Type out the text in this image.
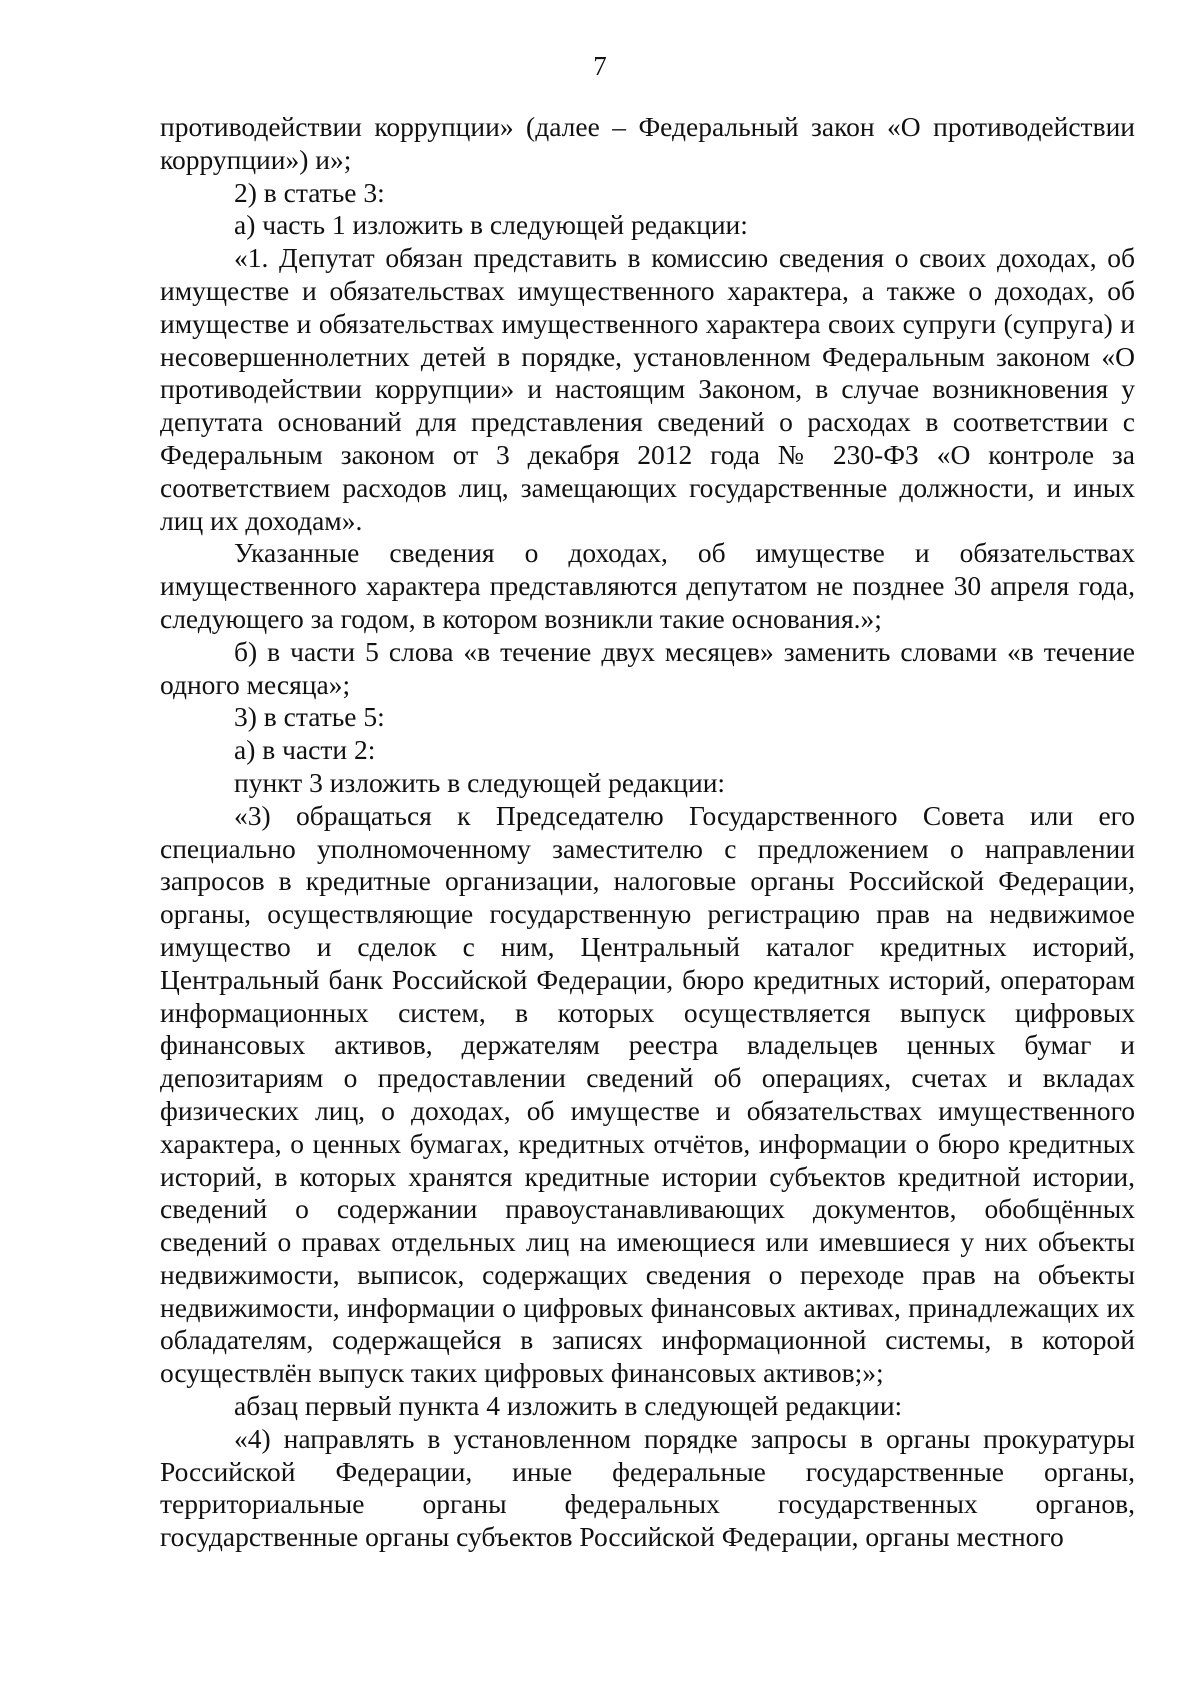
7

противодействии коррупции» (далее – Федеральный закон «О противодействии коррупции») и»;

2) в статье 3:

а) часть 1 изложить в следующей редакции:

«1. Депутат обязан представить в комиссию сведения о своих доходах, об имуществе и обязательствах имущественного характера, а также о доходах, об имуществе и обязательствах имущественного характера своих супруги (супруга) и несовершеннолетних детей в порядке, установленном Федеральным законом «О противодействии коррупции» и настоящим Законом, в случае возникновения у депутата оснований для представления сведений о расходах в соответствии с Федеральным законом от 3 декабря 2012 года № 230-ФЗ «О контроле за соответствием расходов лиц, замещающих государственные должности, и иных лиц их доходам».

Указанные сведения о доходах, об имуществе и обязательствах имущественного характера представляются депутатом не позднее 30 апреля года, следующего за годом, в котором возникли такие основания.»;

б) в части 5 слова «в течение двух месяцев» заменить словами «в течение одного месяца»;

3) в статье 5:

а) в части 2:

пункт 3 изложить в следующей редакции:

«3) обращаться к Председателю Государственного Совета или его специально уполномоченному заместителю с предложением о направлении запросов в кредитные организации, налоговые органы Российской Федерации, органы, осуществляющие государственную регистрацию прав на недвижимое имущество и сделок с ним, Центральный каталог кредитных историй, Центральный банк Российской Федерации, бюро кредитных историй, операторам информационных систем, в которых осуществляется выпуск цифровых финансовых активов, держателям реестра владельцев ценных бумаг и депозитариям о предоставлении сведений об операциях, счетах и вкладах физических лиц, о доходах, об имуществе и обязательствах имущественного характера, о ценных бумагах, кредитных отчётов, информации о бюро кредитных историй, в которых хранятся кредитные истории субъектов кредитной истории, сведений о содержании правоустанавливающих документов, обобщённых сведений о правах отдельных лиц на имеющиеся или имевшиеся у них объекты недвижимости, выписок, содержащих сведения о переходе прав на объекты недвижимости, информации о цифровых финансовых активах, принадлежащих их обладателям, содержащейся в записях информационной системы, в которой осуществлён выпуск таких цифровых финансовых активов;»;

абзац первый пункта 4 изложить в следующей редакции:

«4) направлять в установленном порядке запросы в органы прокуратуры Российской Федерации, иные федеральные государственные органы, территориальные органы федеральных государственных органов, государственные органы субъектов Российской Федерации, органы местного
